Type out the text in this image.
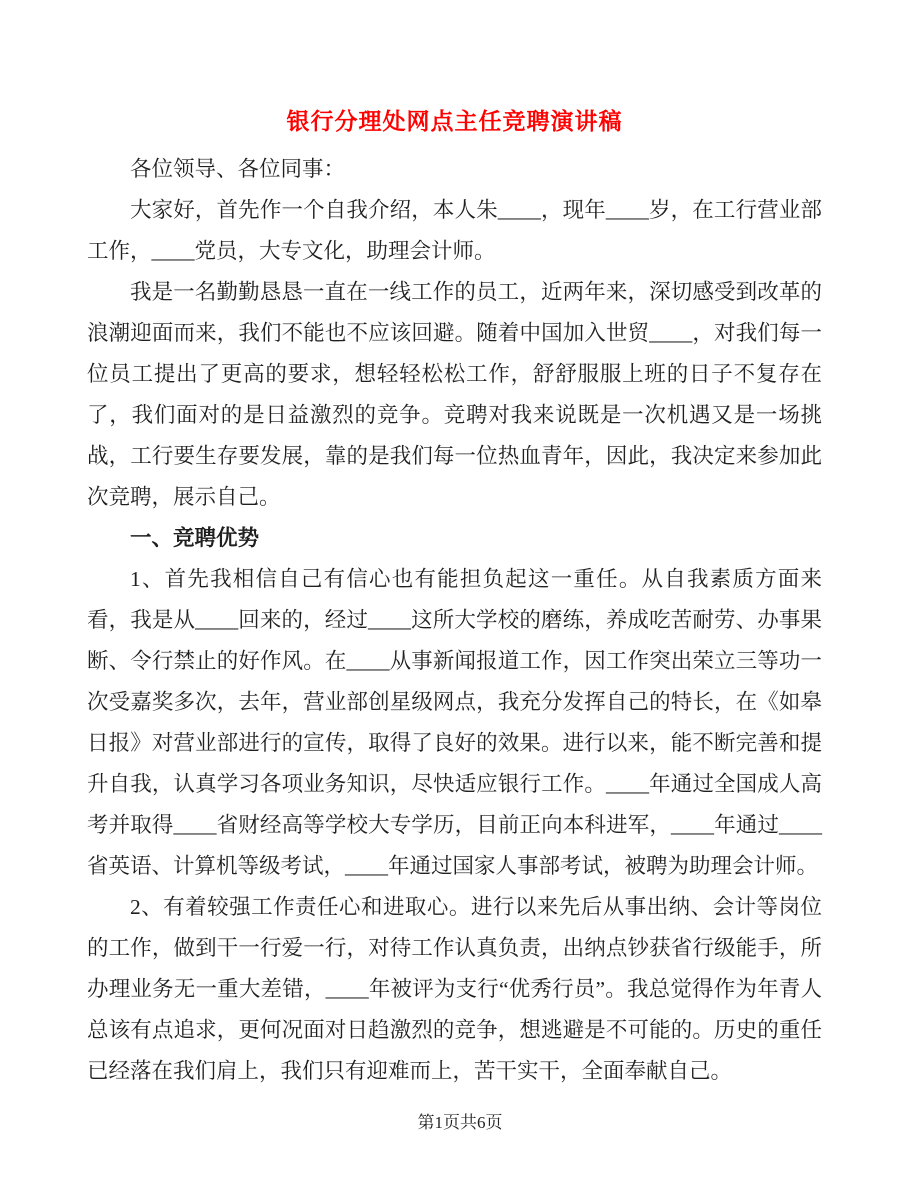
银行分理处网点主任竞聘演讲稿

各位领导、各位同事：

大家好，首先作一个自我介绍，本人朱____，现年____岁，在工行营业部工作，____党员，大专文化，助理会计师。

我是一名勤勤恳恳一直在一线工作的员工，近两年来，深切感受到改革的浪潮迎面而来，我们不能也不应该回避。随着中国加入世贸____，对我们每一位员工提出了更高的要求，想轻轻松松工作，舒舒服服上班的日子不复存在了，我们面对的是日益激烈的竞争。竞聘对我来说既是一次机遇又是一场挑战，工行要生存要发展，靠的是我们每一位热血青年，因此，我决定来参加此次竞聘，展示自己。

一、竞聘优势

1、首先我相信自己有信心也有能担负起这一重任。从自我素质方面来看，我是从____回来的，经过____这所大学校的磨练，养成吃苦耐劳、办事果断、令行禁止的好作风。在____从事新闻报道工作，因工作突出荣立三等功一次受嘉奖多次，去年，营业部创星级网点，我充分发挥自己的特长，在《如皋日报》对营业部进行的宣传，取得了良好的效果。进行以来，能不断完善和提升自我，认真学习各项业务知识，尽快适应银行工作。____年通过全国成人高考并取得____省财经高等学校大专学历，目前正向本科进军，____年通过____省英语、计算机等级考试，____年通过国家人事部考试，被聘为助理会计师。

2、有着较强工作责任心和进取心。进行以来先后从事出纳、会计等岗位的工作，做到干一行爱一行，对待工作认真负责，出纳点钞获省行级能手，所办理业务无一重大差错，____年被评为支行“优秀行员”。我总觉得作为年青人总该有点追求，更何况面对日趋激烈的竞争，想逃避是不可能的。历史的重任已经落在我们肩上，我们只有迎难而上，苦干实干，全面奉献自己。

第1页共6页
